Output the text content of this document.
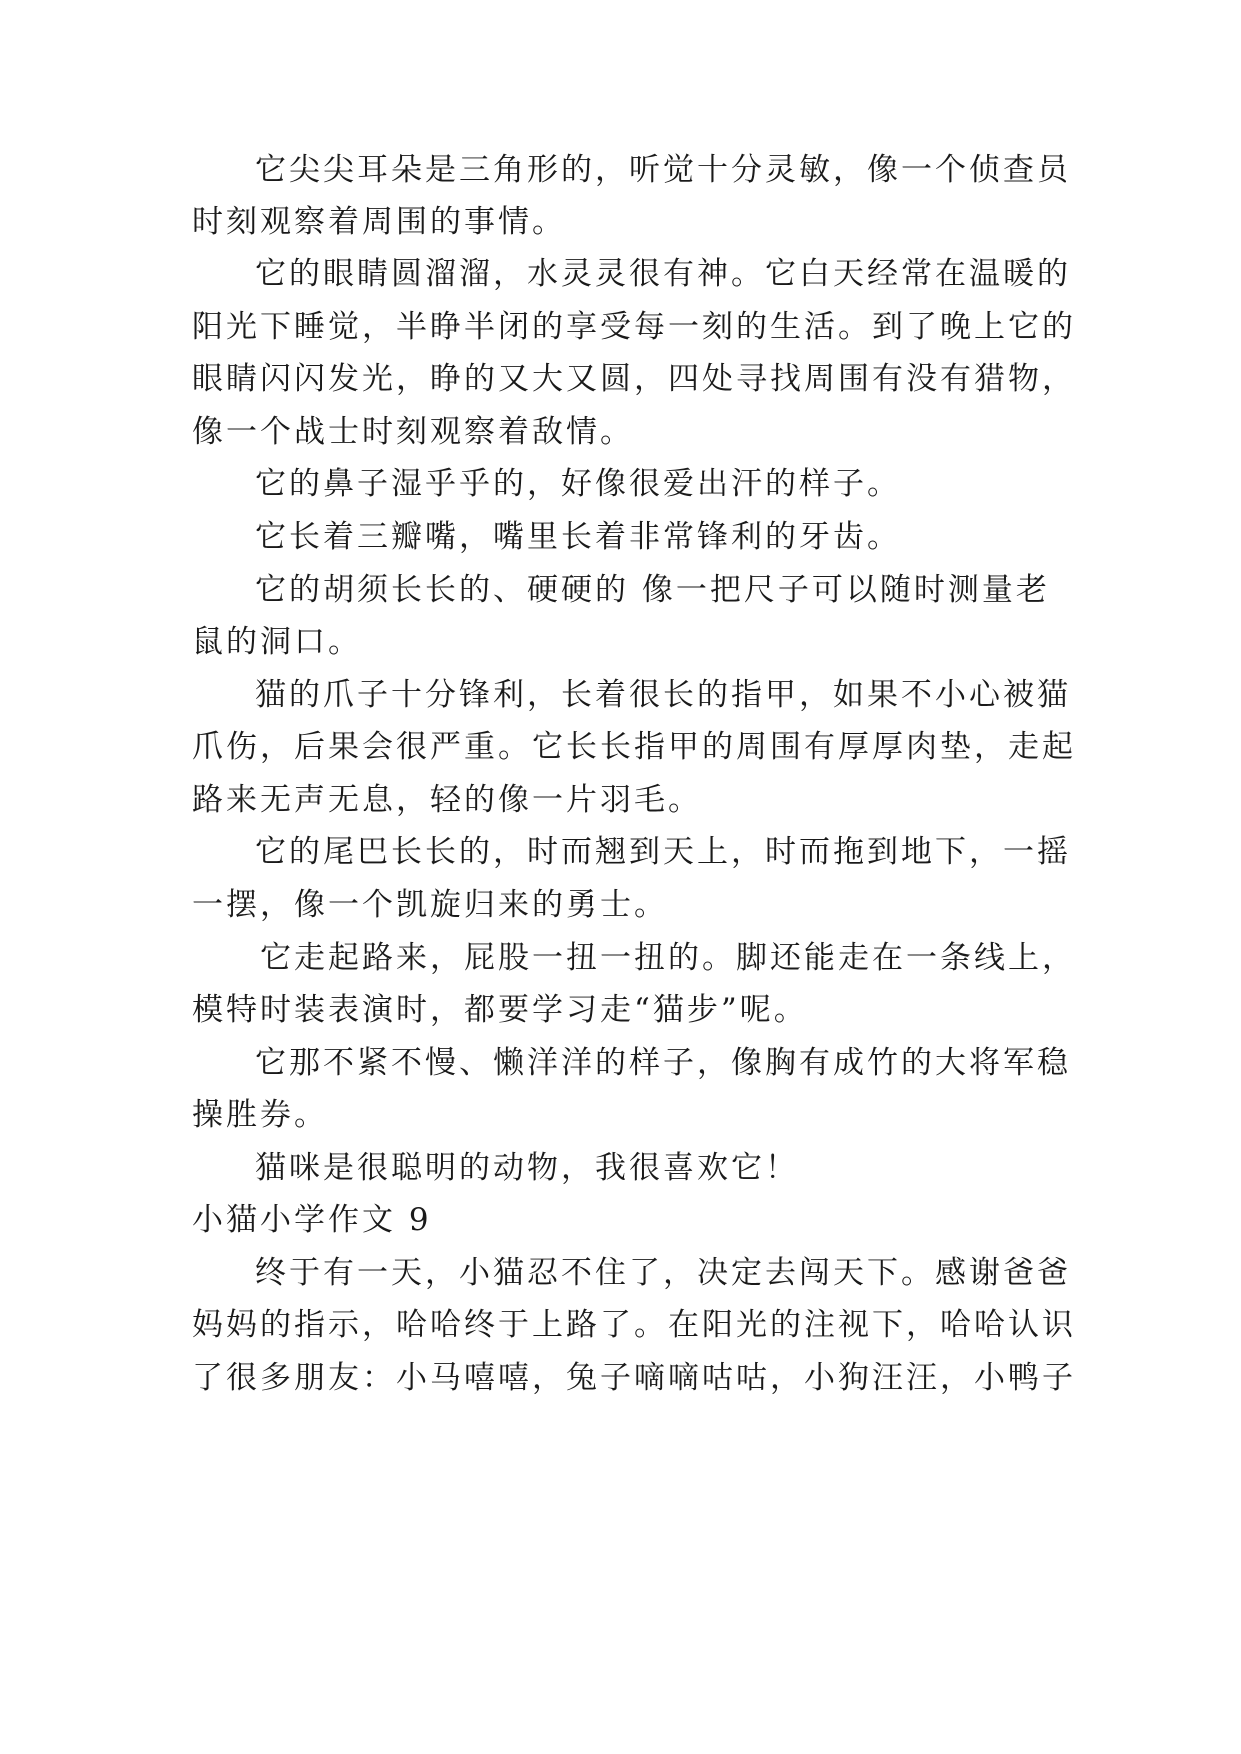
它尖尖耳朵是三角形的，听觉十分灵敏，像一个侦查员
时刻观察着周围的事情。
它的眼睛圆溜溜，水灵灵很有神。它白天经常在温暖的
阳光下睡觉，半睁半闭的享受每一刻的生活。到了晚上它的
眼睛闪闪发光，睁的又大又圆，四处寻找周围有没有猎物，
像一个战士时刻观察着敌情。
它的鼻子湿乎乎的，好像很爱出汗的样子。
它长着三瓣嘴，嘴里长着非常锋利的牙齿。
它的胡须长长的、硬硬的 像一把尺子可以随时测量老
鼠的洞口。
猫的爪子十分锋利，长着很长的指甲，如果不小心被猫
爪伤，后果会很严重。它长长指甲的周围有厚厚肉垫，走起
路来无声无息，轻的像一片羽毛。
它的尾巴长长的，时而翘到天上，时而拖到地下，一摇
一摆，像一个凯旋归来的勇士。
它走起路来，屁股一扭一扭的。脚还能走在一条线上，
模特时装表演时，都要学习走“猫步”呢。
它那不紧不慢、懒洋洋的样子，像胸有成竹的大将军稳
操胜券。
猫咪是很聪明的动物，我很喜欢它！
小猫小学作文 9
终于有一天，小猫忍不住了，决定去闯天下。感谢爸爸
妈妈的指示，哈哈终于上路了。在阳光的注视下，哈哈认识
了很多朋友：小马嘻嘻，兔子嘀嘀咕咕，小狗汪汪，小鸭子
